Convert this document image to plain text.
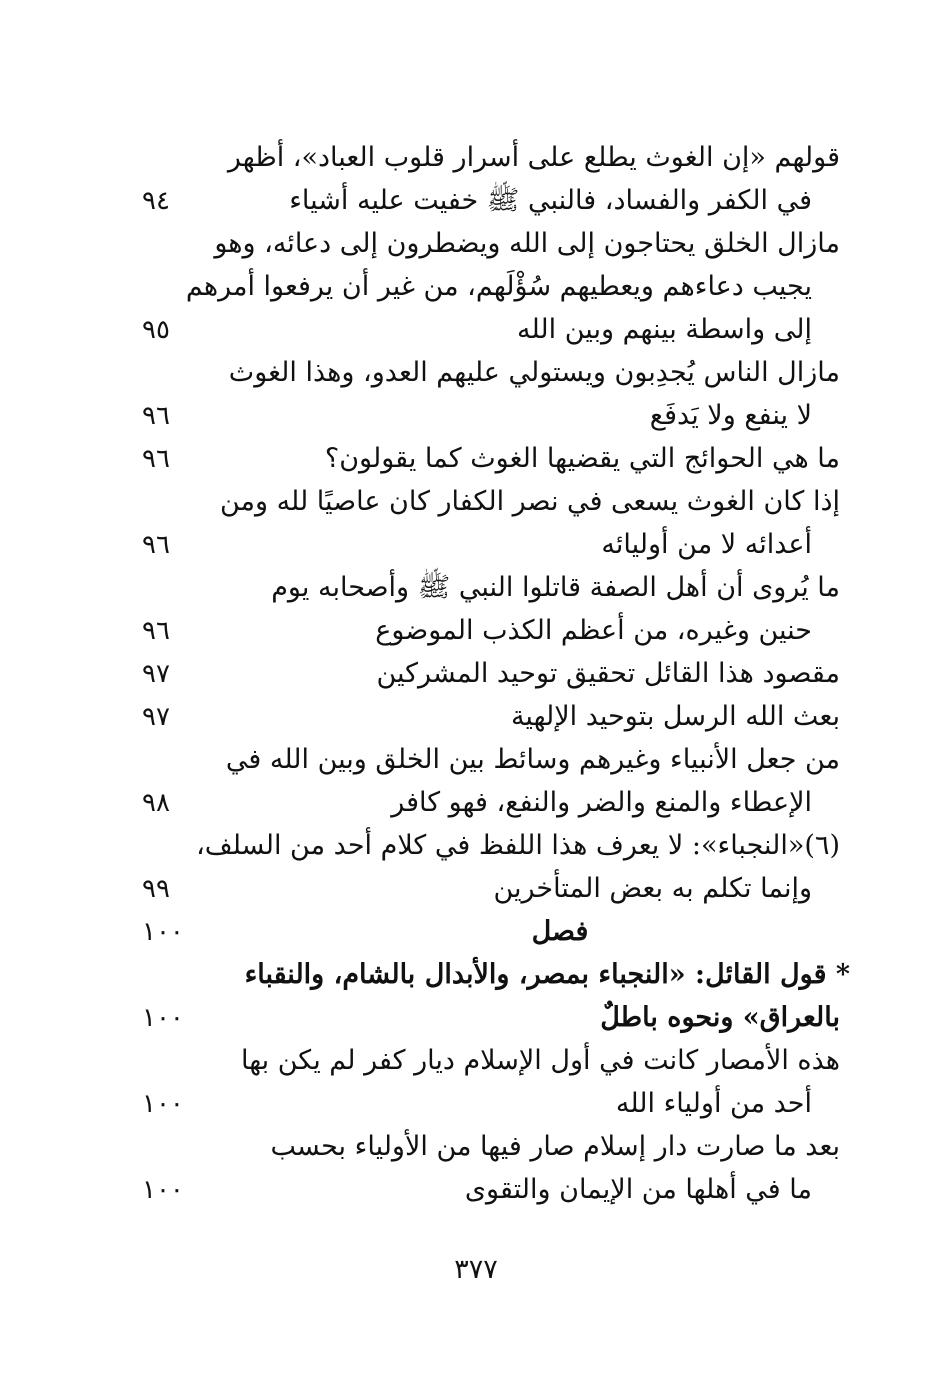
قولهم «إن الغوث يطلع على أسرار قلوب العباد»، أظهر
في الكفر والفساد، فالنبي ﷺ خفيت عليه أشياء
٩٤
مازال الخلق يحتاجون إلى الله ويضطرون إلى دعائه، وهو
يجيب دعاءهم ويعطيهم سُؤْلَهم، من غير أن يرفعوا أمرهم
إلى واسطة بينهم وبين الله
٩٥
مازال الناس يُجدِبون ويستولي عليهم العدو، وهذا الغوث
لا ينفع ولا يَدفَع
٩٦
ما هي الحوائج التي يقضيها الغوث كما يقولون؟
٩٦
إذا كان الغوث يسعى في نصر الكفار كان عاصيًا لله ومن
أعدائه لا من أوليائه
٩٦
ما يُروى أن أهل الصفة قاتلوا النبي ﷺ وأصحابه يوم
حنين وغيره، من أعظم الكذب الموضوع
٩٦
مقصود هذا القائل تحقيق توحيد المشركين
٩٧
بعث الله الرسل بتوحيد الإلهية
٩٧
من جعل الأنبياء وغيرهم وسائط بين الخلق وبين الله في
الإعطاء والمنع والضر والنفع، فهو كافر
٩٨
(٦)«النجباء»: لا يعرف هذا اللفظ في كلام أحد من السلف،
وإنما تكلم به بعض المتأخرين
٩٩
فصل
١٠٠
* قول القائل: «النجباء بمصر، والأبدال بالشام، والنقباء
بالعراق» ونحوه باطلٌ
١٠٠
هذه الأمصار كانت في أول الإسلام ديار كفر لم يكن بها
أحد من أولياء الله
١٠٠
بعد ما صارت دار إسلام صار فيها من الأولياء بحسب
ما في أهلها من الإيمان والتقوى
١٠٠
٣٧٧
